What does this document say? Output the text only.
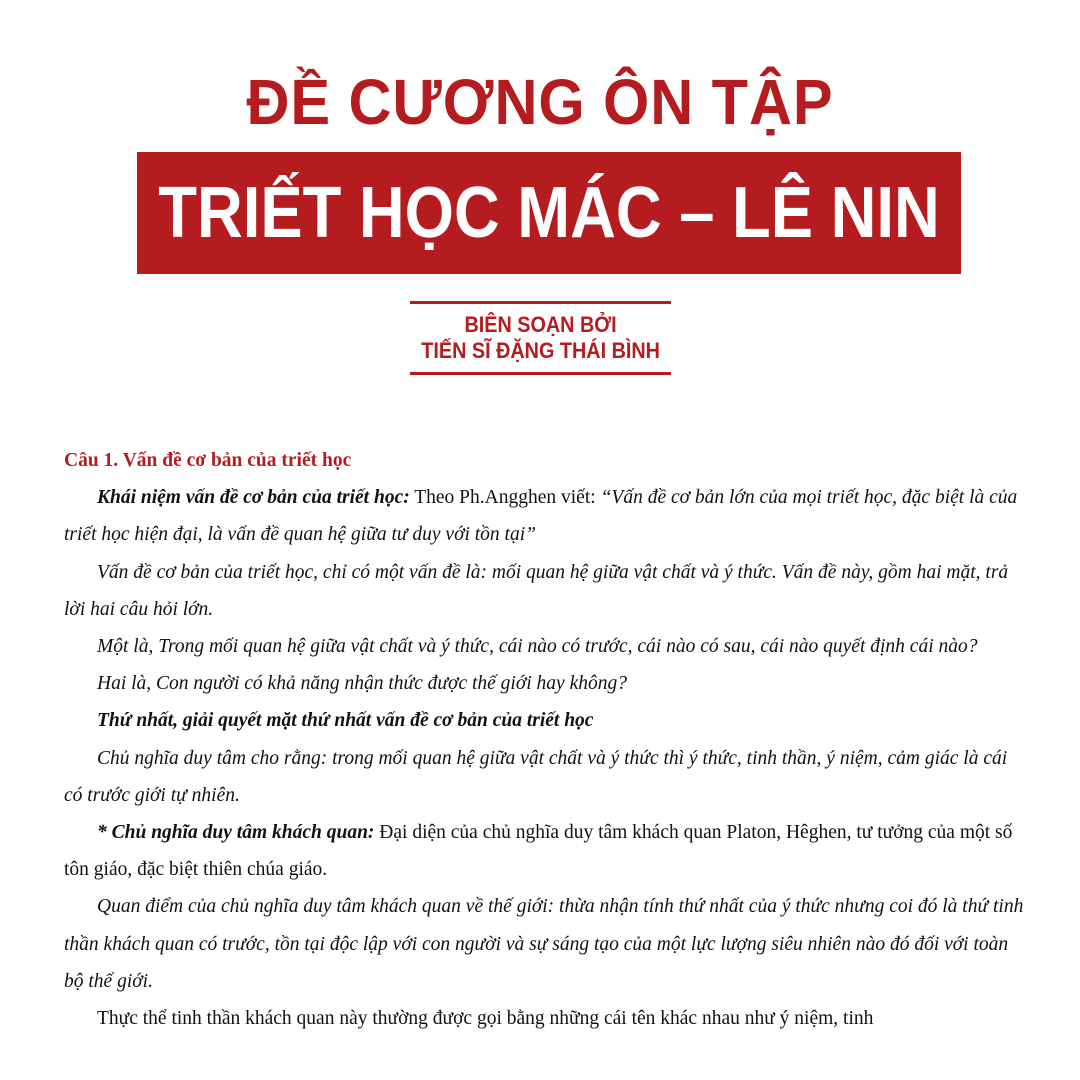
ĐỀ CƯƠNG ÔN TẬP
TRIẾT HỌC MÁC – LÊ NIN
BIÊN SOẠN BỞI
TIẾN SĨ ĐẶNG THÁI BÌNH

Câu 1. Vấn đề cơ bản của triết học

Khái niệm vấn đề cơ bản của triết học: Theo Ph.Angghen viết: “Vấn đề cơ bản lớn của mọi triết học, đặc biệt là của triết học hiện đại, là vấn đề quan hệ giữa tư duy với tồn tại”

Vấn đề cơ bản của triết học, chỉ có một vấn đề là: mối quan hệ giữa vật chất và ý thức. Vấn đề này, gồm hai mặt, trả lời hai câu hỏi lớn.

Một là, Trong mối quan hệ giữa vật chất và ý thức, cái nào có trước, cái nào có sau, cái nào quyết định cái nào?

Hai là, Con người có khả năng nhận thức được thế giới hay không?

Thứ nhất, giải quyết mặt thứ nhất vấn đề cơ bản của triết học

Chủ nghĩa duy tâm cho rằng: trong mối quan hệ giữa vật chất và ý thức thì ý thức, tinh thần, ý niệm, cảm giác là cái có trước giới tự nhiên.

* Chủ nghĩa duy tâm khách quan: Đại diện của chủ nghĩa duy tâm khách quan Platon, Hêghen, tư tưởng của một số tôn giáo, đặc biệt thiên chúa giáo.

Quan điểm của chủ nghĩa duy tâm khách quan về thế giới: thừa nhận tính thứ nhất của ý thức nhưng coi đó là thứ tinh thần khách quan có trước, tồn tại độc lập với con người và sự sáng tạo của một lực lượng siêu nhiên nào đó đối với toàn bộ thế giới.

Thực thể tinh thần khách quan này thường được gọi bằng những cái tên khác nhau như ý niệm, tinh
